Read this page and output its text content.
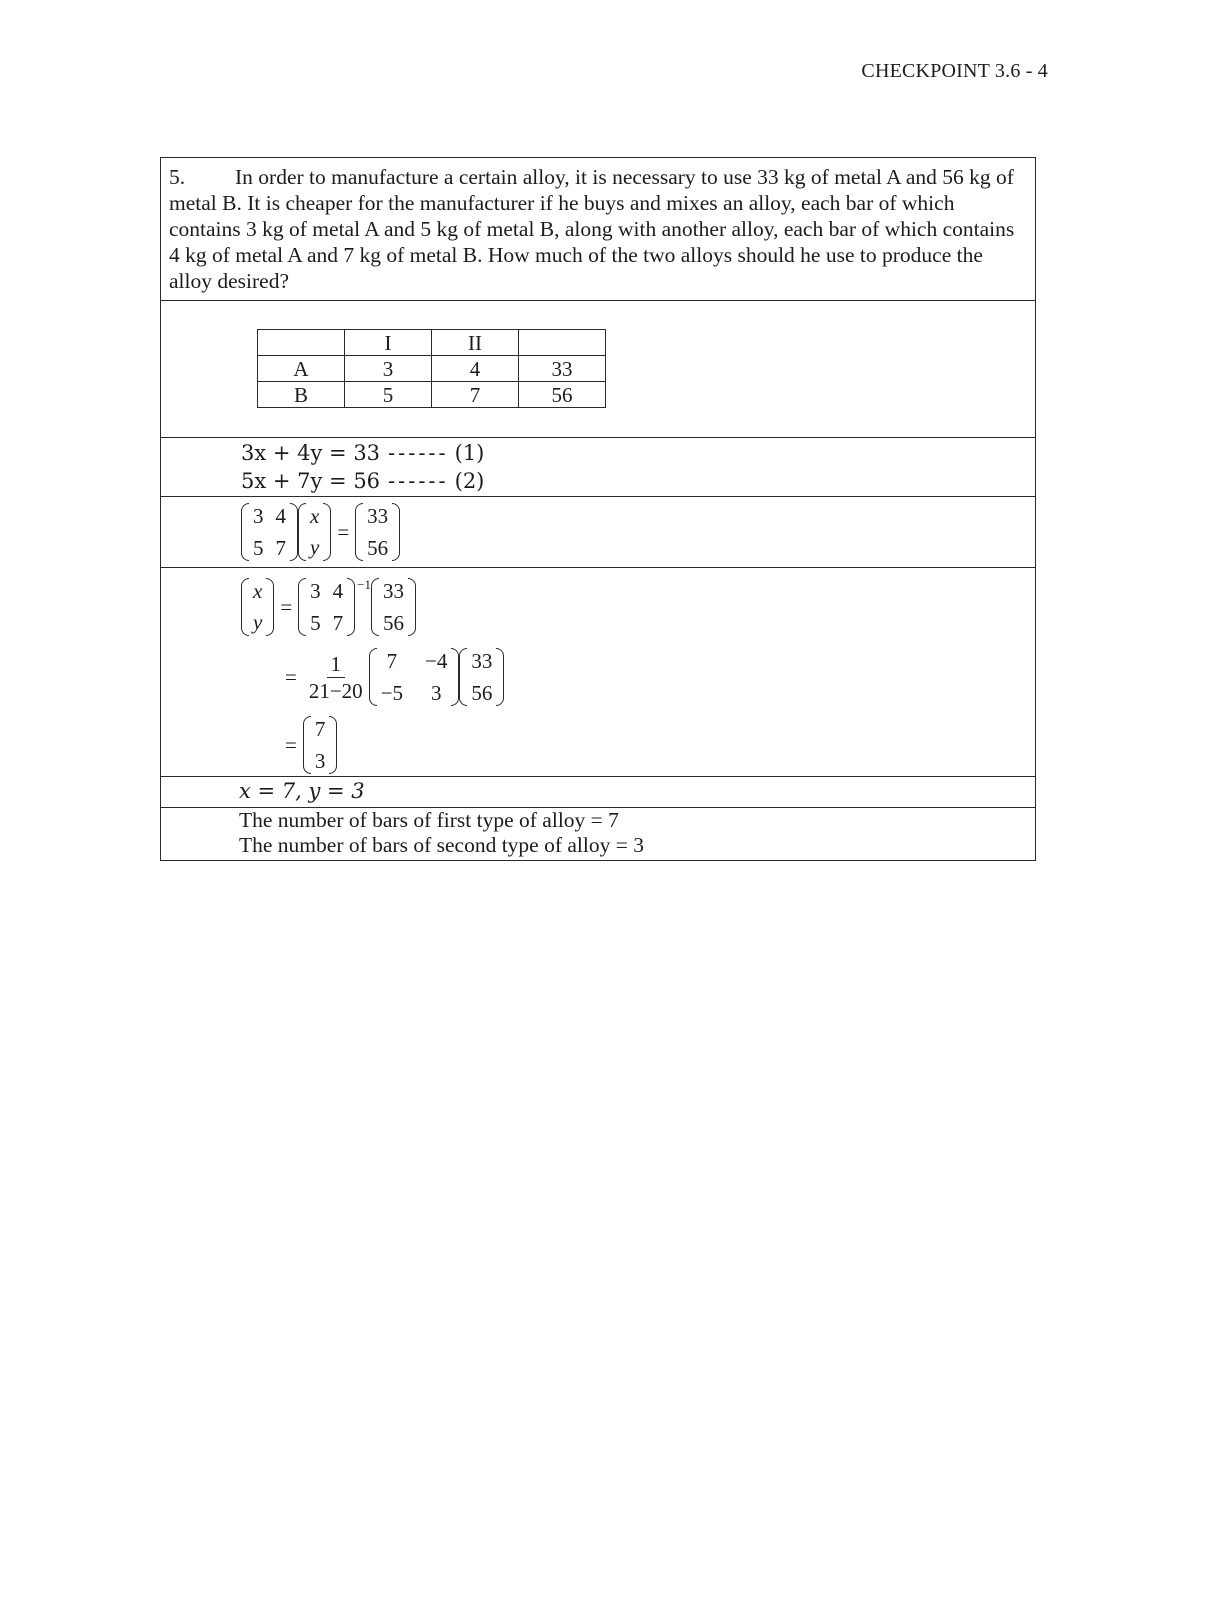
CHECKPOINT 3.6 - 4
5. In order to manufacture a certain alloy, it is necessary to use 33 kg of metal A and 56 kg of metal B. It is cheaper for the manufacturer if he buys and mixes an alloy, each bar of which contains 3 kg of metal A and 5 kg of metal B, along with another alloy, each bar of which contains 4 kg of metal A and 7 kg of metal B. How much of the two alloys should he use to produce the alloy desired?
	I	II	
A	3	4	33
B	5	7	56
3x + 4y = 33 ------ (1)
5x + 7y = 56 ------ (2)
3 4
5 7
x
y
=
33
56
x
y
=
3 4
5 7
−1 33
56
= $\frac{1}{21-20} 7 -4$
−5 3
33
56
=
7
3
x = 7, y = 3
The number of bars of first type of alloy = 7
The number of bars of second type of alloy = 3
